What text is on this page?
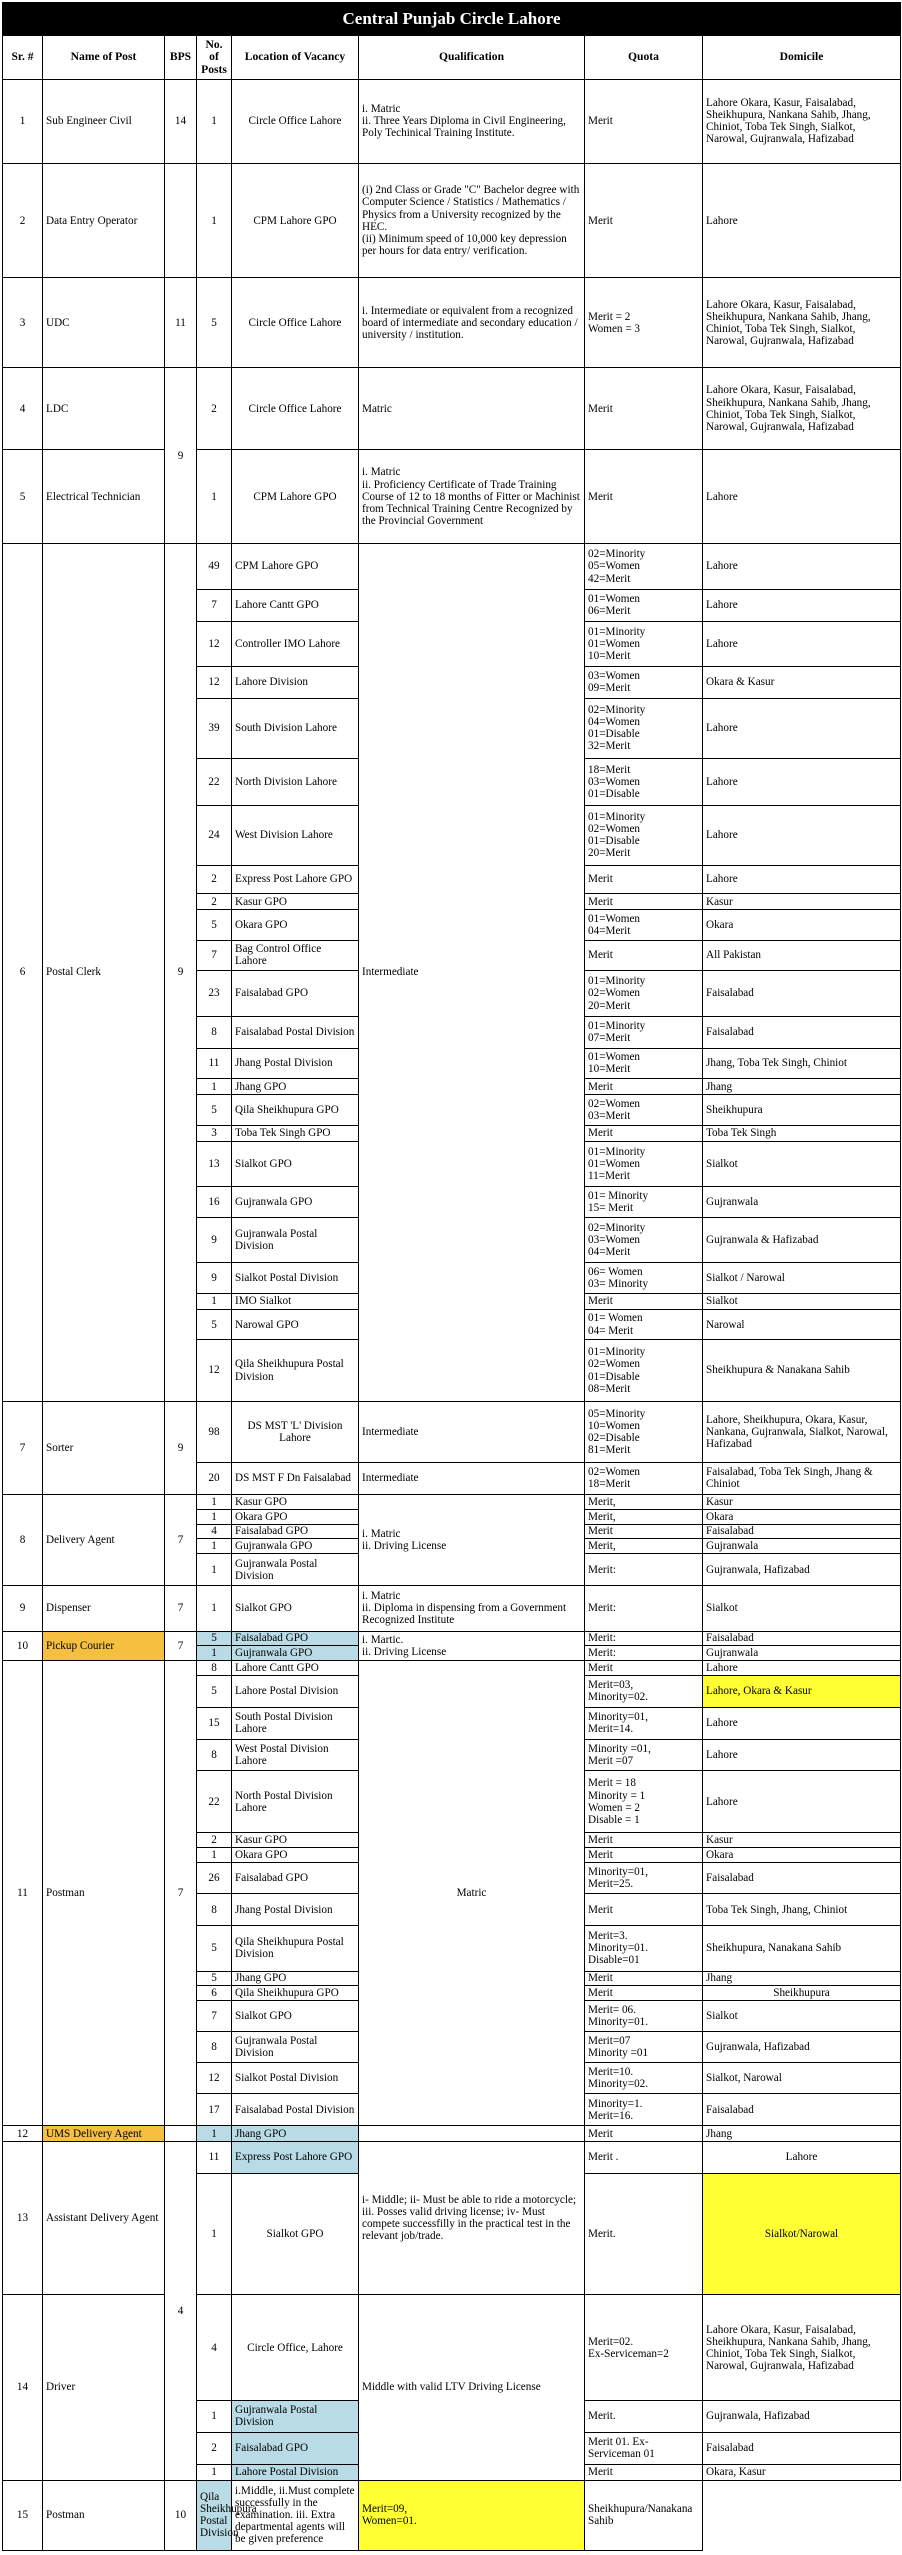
Central Punjab Circle Lahore							
Sr. #	Name of Post	BPS	No. of Posts	Location of Vacancy	Qualification	Quota	Domicile
1	Sub Engineer Civil	14	1	Circle Office Lahore	i. Matric
ii. Three Years Diploma in Civil Engineering, Poly Techinical Training Institute.	Merit	Lahore Okara, Kasur, Faisalabad, Sheikhupura, Nankana Sahib, Jhang, Chiniot, Toba Tek Singh, Sialkot, Narowal, Gujranwala, Hafizabad
2	Data Entry Operator		1	CPM Lahore GPO	(i) 2nd Class or Grade "C" Bachelor degree with Computer Science / Statistics / Mathematics / Physics from a University recognized by the HEC.
(ii) Minimum speed of 10,000 key depression per hours for data entry/ verification.	Merit	Lahore
3	UDC	11	5	Circle Office Lahore	i. Intermediate or equivalent from a recognized board of intermediate and secondary education / university / institution.	Merit = 2
Women = 3	Lahore Okara, Kasur, Faisalabad, Sheikhupura, Nankana Sahib, Jhang, Chiniot, Toba Tek Singh, Sialkot, Narowal, Gujranwala, Hafizabad
4	LDC	9	2	Circle Office Lahore	Matric	Merit	Lahore Okara, Kasur, Faisalabad, Sheikhupura, Nankana Sahib, Jhang, Chiniot, Toba Tek Singh, Sialkot, Narowal, Gujranwala, Hafizabad
5	Electrical Technician		1	CPM Lahore GPO	i. Matric
ii. Proficiency Certificate of Trade Training Course of 12 to 18 months of Fitter or Machinist from Technical Training Centre Recognized by the Provincial Government	Merit	Lahore
6	Postal Clerk	9	49	CPM Lahore GPO	Intermediate	02=Minority
05=Women
42=Merit	Lahore
			7	Lahore Cantt GPO		01=Women
06=Merit	Lahore
			12	Controller IMO Lahore		01=Minority
01=Women
10=Merit	Lahore
			12	Lahore Division		03=Women
09=Merit	Okara & Kasur
			39	South Division Lahore		02=Minority
04=Women
01=Disable
32=Merit	Lahore
			22	North Division Lahore		18=Merit
03=Women
01=Disable	Lahore
			24	West Division Lahore		01=Minority
02=Women
01=Disable
20=Merit	Lahore
			2	Express Post Lahore GPO		Merit	Lahore
			2	Kasur GPO		Merit	Kasur
			5	Okara GPO		01=Women
04=Merit	Okara
			7	Bag Control Office Lahore		Merit	All Pakistan
			23	Faisalabad GPO		01=Minority
02=Women
20=Merit	Faisalabad
			8	Faisalabad Postal Division		01=Minority
07=Merit	Faisalabad
			11	Jhang Postal Division		01=Women
10=Merit	Jhang, Toba Tek Singh, Chiniot
			1	Jhang GPO		Merit	Jhang
			5	Qila Sheikhupura GPO		02=Women
03=Merit	Sheikhupura
			3	Toba Tek Singh GPO		Merit	Toba Tek Singh
			13	Sialkot GPO		01=Minority
01=Women
11=Merit	Sialkot
			16	Gujranwala GPO		01= Minority
15= Merit	Gujranwala
			9	Gujranwala Postal Division		02=Minority
03=Women
04=Merit	Gujranwala & Hafizabad
			9	Sialkot Postal Division		06= Women
03= Minority	Sialkot / Narowal
			1	IMO Sialkot		Merit	Sialkot
			5	Narowal GPO		01= Women
04= Merit	Narowal
			12	Qila Sheikhupura Postal Division		01=Minority
02=Women
01=Disable
08=Merit	Sheikhupura & Nanakana Sahib
7	Sorter	9	98	DS MST 'L' Division Lahore	Intermediate	05=Minority
10=Women
02=Disable
81=Merit	Lahore, Sheikhupura, Okara, Kasur, Nankana, Gujranwala, Sialkot, Narowal, Hafizabad
			20	DS MST F Dn Faisalabad	Intermediate	02=Women
18=Merit	Faisalabad, Toba Tek Singh, Jhang & Chiniot
8	Delivery Agent	7	1	Kasur GPO	i. Matric
ii. Driving License	Merit,	Kasur
			1	Okara GPO		Merit,	Okara
			4	Faisalabad GPO		Merit	Faisalabad
			1	Gujranwala GPO		Merit,	Gujranwala
			1	Gujranwala Postal Division		Merit:	Gujranwala, Hafizabad
9	Dispenser	7	1	Sialkot GPO	i. Matric
ii. Diploma in dispensing from a Government Recognized Institute	Merit:	Sialkot
10	Pickup Courier	7	5	Faisalabad GPO	i. Martic.
ii. Driving License	Merit:	Faisalabad
			1	Gujranwala GPO		Merit:	Gujranwala
11	Postman	7	8	Lahore Cantt GPO	Matric	Merit	Lahore
			5	Lahore Postal Division		Merit=03,
Minority=02.	Lahore, Okara & Kasur
			15	South Postal Division Lahore		Minority=01,
Merit=14.	Lahore
			8	West Postal Division Lahore		Minority =01,
Merit =07	Lahore
			22	North Postal Division Lahore		Merit = 18
Minority = 1
Women = 2
Disable = 1	Lahore
			2	Kasur GPO		Merit	Kasur
			1	Okara GPO		Merit	Okara
			26	Faisalabad GPO		Minority=01,
Merit=25.	Faisalabad
			8	Jhang Postal Division		Merit	Toba Tek Singh, Jhang, Chiniot
			5	Qila Sheikhupura Postal Division		Merit=3.
Minority=01.
Disable=01	Sheikhupura, Nanakana Sahib
			5	Jhang GPO		Merit	Jhang
			6	Qila Sheikhupura GPO		Merit	Sheikhupura
			7	Sialkot GPO		Merit= 06.
Minority=01.	Sialkot
			8	Gujranwala Postal Division		Merit=07
Minority =01	Gujranwala, Hafizabad
			12	Sialkot Postal Division		Merit=10.
Minority=02.	Sialkot, Narowal
			17	Faisalabad Postal Division		Minority=1.
Merit=16.	Faisalabad
12	UMS Delivery Agent		1	Jhang GPO		Merit	Jhang
13	Assistant Delivery Agent	4	11	Express Post Lahore GPO	i- Middle; ii- Must be able to ride a motorcycle; iii. Posses valid driving license; iv- Must compete successfilly in the practical test in the relevant job/trade.	Merit .	Lahore
			1	Sialkot GPO		Merit.	Sialkot/Narowal
14	Driver		4	Circle Office, Lahore	Middle with valid LTV Driving License	Merit=02.
Ex-Serviceman=2	Lahore Okara, Kasur, Faisalabad, Sheikhupura, Nankana Sahib, Jhang, Chiniot, Toba Tek Singh, Sialkot, Narowal, Gujranwala, Hafizabad
			1	Gujranwala Postal Division		Merit.	Gujranwala, Hafizabad
			2	Faisalabad GPO		Merit 01. Ex-Serviceman 01	Faisalabad
			1	Lahore Postal Division		Merit	Okara, Kasur
15	Postman	10	Qila Sheikhupura Postal Division	i.Middle, ii.Must complete successfully in the examination. iii. Extra departmental agents will be given preference	Merit=09,
Women=01.	Sheikhupura/Nanakana Sahib	
